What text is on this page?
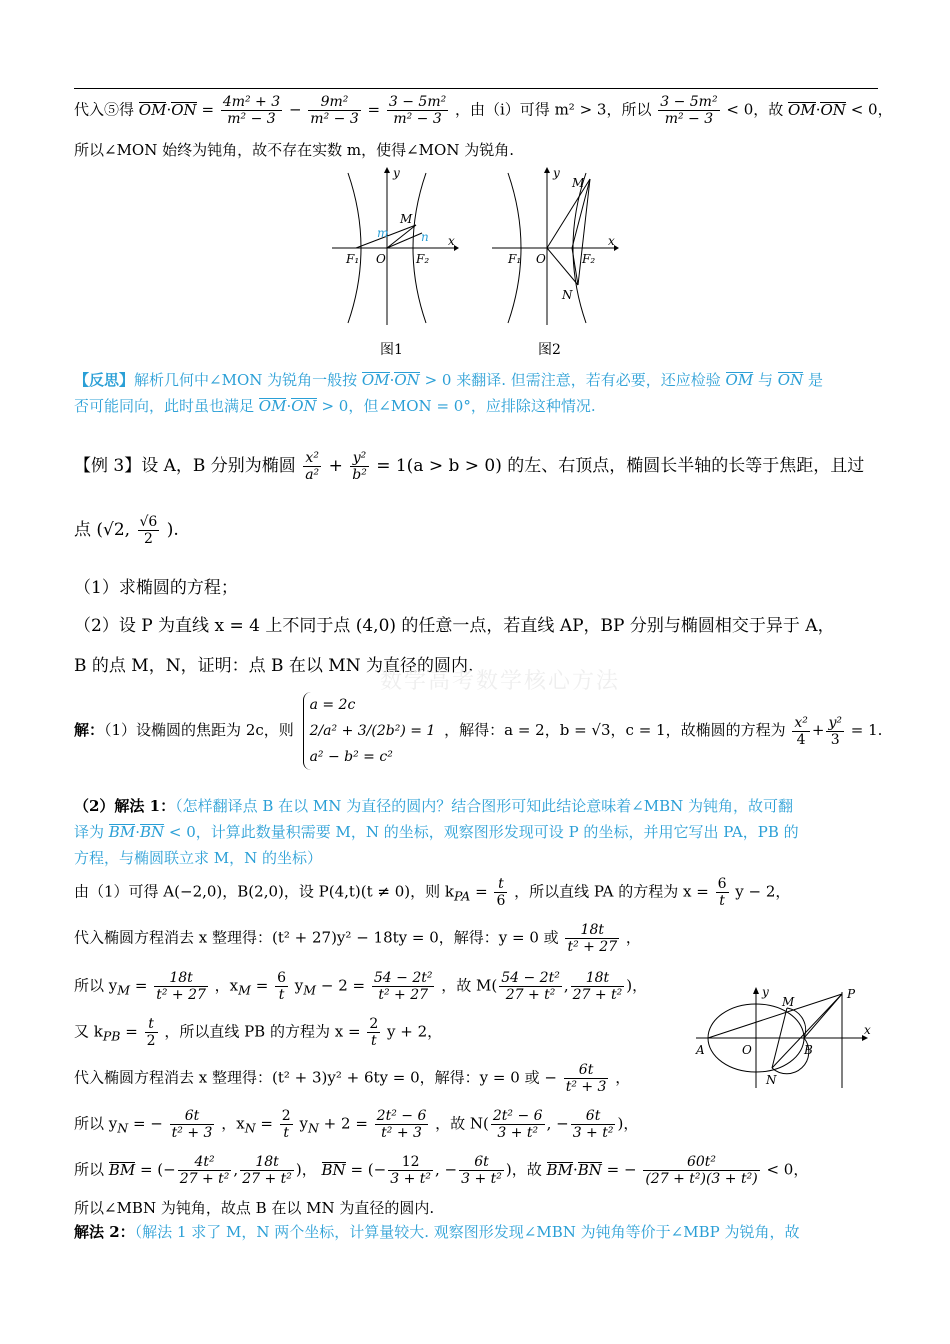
代入⑤得 $OM\cdot ON = \frac{\text{4m² + 3}}{\text{m² − 3}} - \frac{\text{9m²}}{\text{m² − 3}} = \frac{\text{3 − 5m²}}{\text{m² − 3}}$ ，由（i）可得 m² > 3，所以 $\frac{\text{3 − 5m²}}{\text{m² − 3}} < 0$，故 OM·ON < 0，
所以∠MON 始终为钝角，故不存在实数 m，使得∠MON 为锐角.
y
x
O
F₁	F₂
M
m	n
图1
y
x
O
F₁	F₂
M
N
图2
【反思】解析几何中∠MON 为锐角一般按 OM·ON > 0 来翻译. 但需注意，若有必要，还应检验 OM 与 ON 是
否可能同向，此时虽也满足 OM·ON > 0，但∠MON = 0°，应排除这种情况.
【例 3】设 A，B 分别为椭圆 $\frac{\text{x²}}{\text{a²}} + \frac{\text{y²}}{\text{b²}} = 1(a > b > 0)$ 的左、右顶点，椭圆长半轴的长等于焦距，且过
点 (√2, $\frac{√6}{2}$ ).
（1）求椭圆的方程；
（2）设 P 为直线 x = 4 上不同于点 (4,0) 的任意一点，若直线 AP，BP 分别与椭圆相交于异于 A，
B 的点 M，N，证明：点 B 在以 MN 为直径的圆内.
数学高考数学核心方法
解：（1）设椭圆的焦距为 2c，则
a = 2c
2/a² + 3/(2b²) = 1
a² − b² = c²
，解得：a = 2，b = √3，c = 1，故椭圆的方程为 $\frac{\text{x²}}{4} + \frac{\text{y²}}{3} = 1$.
（2）解法 1：（怎样翻译点 B 在以 MN 为直径的圆内？结合图形可知此结论意味着∠MBN 为钝角，故可翻
译为 BM·BN < 0，计算此数量积需要 M，N 的坐标，观察图形发现可设 P 的坐标，并用它写出 PA，PB 的
方程，与椭圆联立求 M，N 的坐标）
由（1）可得 A(−2,0)，B(2,0)，设 P(4,t)(t ≠ 0)，则 $k_{PA} = \frac{t}{6}$ ，所以直线 PA 的方程为 $x = \frac{6}{t}$ y − 2，
代入椭圆方程消去 x 整理得：(t² + 27)y² − 18ty = 0，解得：y = 0 或 $\frac{18t}{\text{t² + 27}}$ ，
所以 $y_M = \frac{18t}{\text{t² + 27}}$ ，$x_M = \frac{6}{t} y_M - 2 = \frac{\text{54 − 2t²}}{\text{t² + 27}}$ ，故 $M( \frac{\text{54 − 2t²}}{\text{27 + t²}}$ , $\frac{18t}{\text{27 + t²}}$ )，
又 $k_{PB} = \frac{t}{2}$ ，所以直线 PB 的方程为 $x = \frac{2}{t}$ y + 2，
代入椭圆方程消去 x 整理得：(t² + 3)y² + 6ty = 0，解得：y = 0 或 − $\frac{6t}{\text{t² + 3}}$ ，
所以 $y_N$ = − $\frac{6t}{\text{t² + 3}}$ ，$x_N = \frac{2}{t} y_N + 2 = \frac{\text{2t² − 6}}{\text{t² + 3}}$ ，故 $N( \frac{\text{2t² − 6}}{\text{3 + t²}}$ , − $\frac{6t}{\text{3 + t²}}$ )，
所以 BM = (− $\frac{\text{4t²}}{\text{27 + t²}}$ , $\frac{18t}{\text{27 + t²}}$ )， BN = (− $\frac{12}{\text{3 + t²}}$ , − $\frac{6t}{\text{3 + t²}}$ )，故 BM·BN = − $\frac{\text{60t²}}{\text{(27 + t²)(3 + t²)}} < 0$，
所以∠MBN 为钝角，故点 B 在以 MN 为直径的圆内.
解法 2：（解法 1 求了 M，N 两个坐标，计算量较大. 观察图形发现∠MBN 为钝角等价于∠MBP 为锐角，故
y
x
O
A	B
M
N
P
